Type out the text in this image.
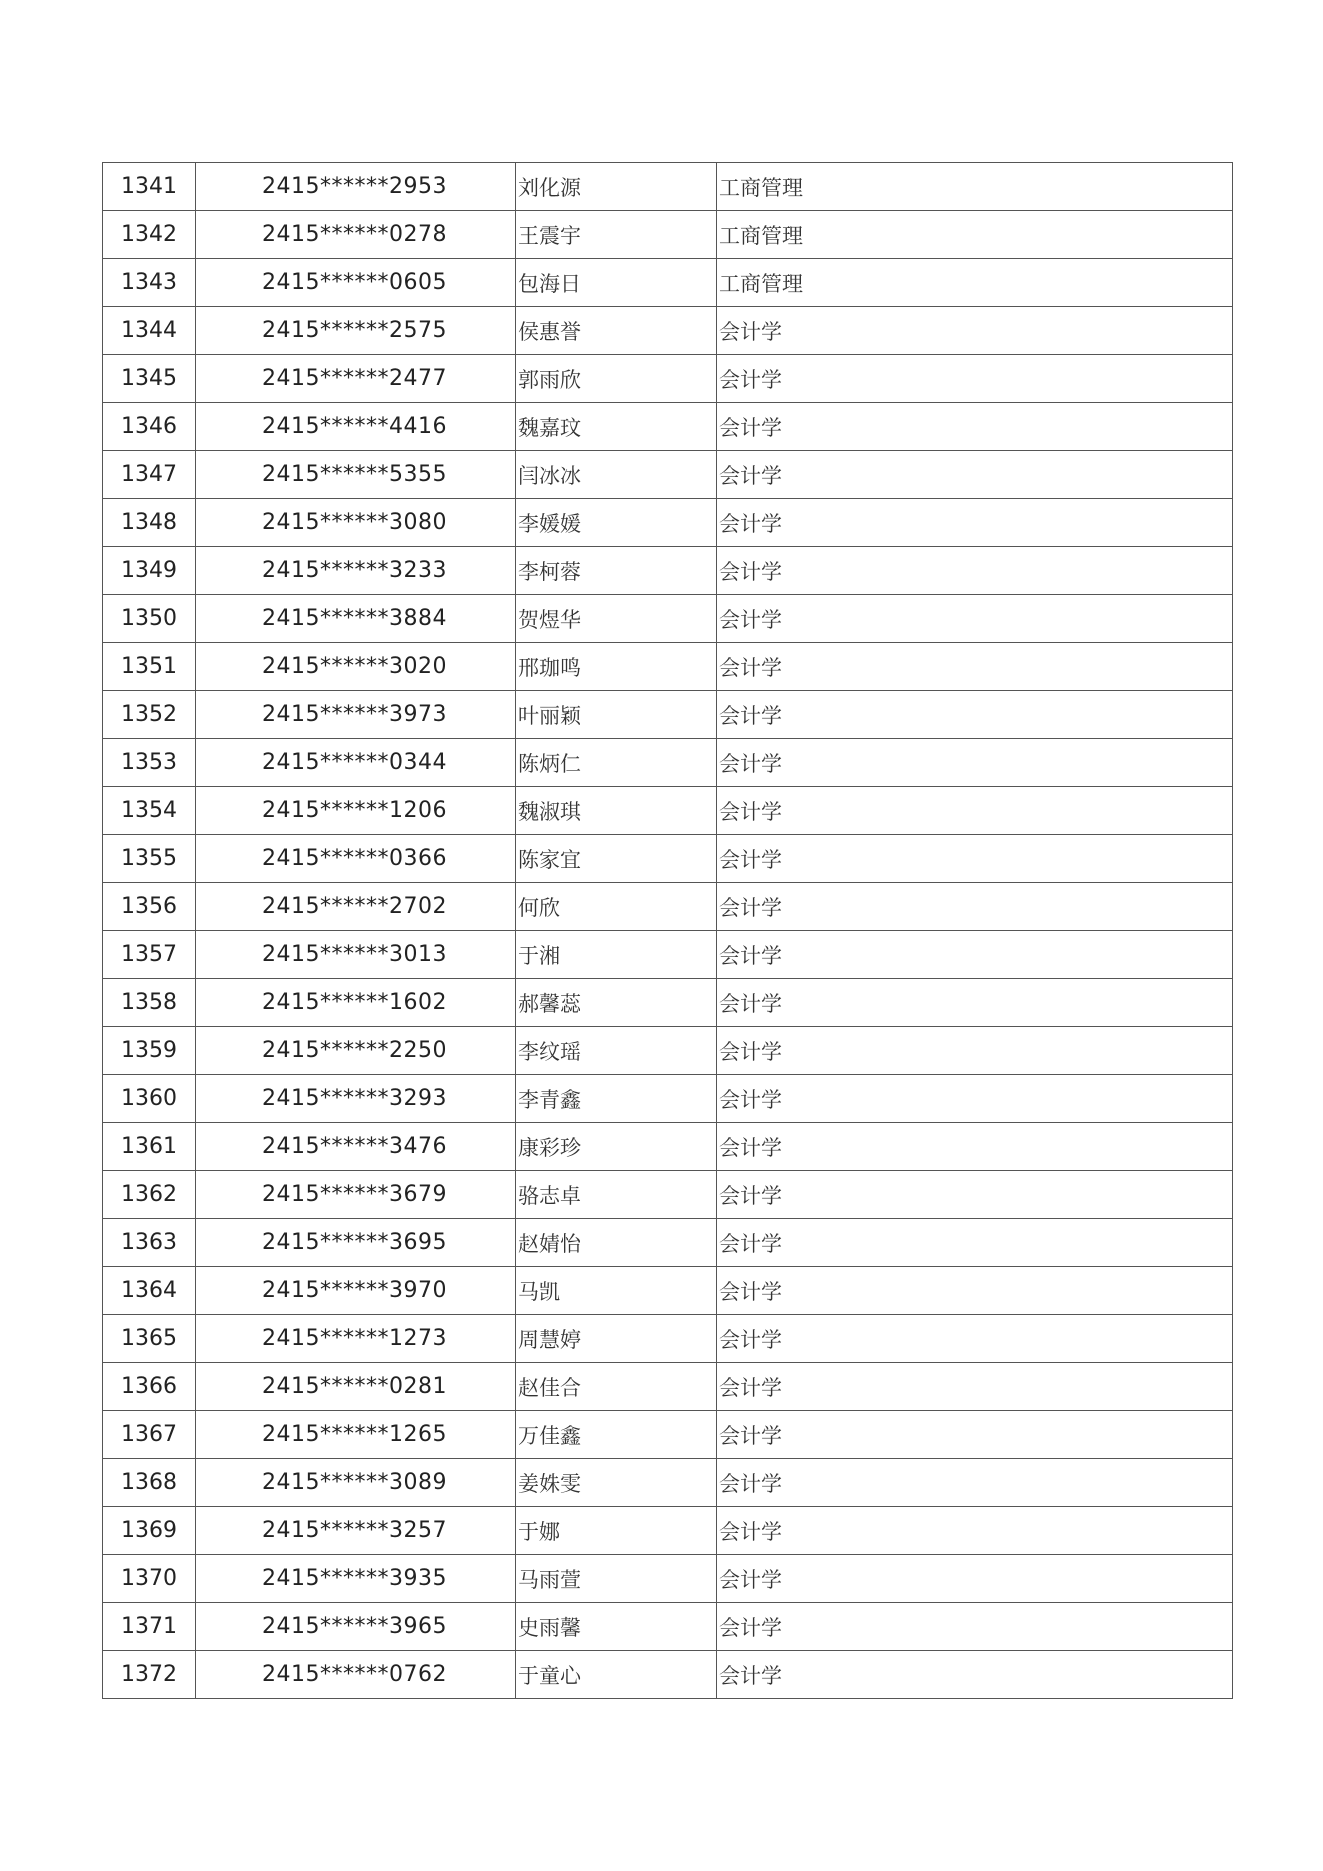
1341	2415******2953	刘化源	工商管理
1342	2415******0278	王震宇	工商管理
1343	2415******0605	包海日	工商管理
1344	2415******2575	侯惠誉	会计学
1345	2415******2477	郭雨欣	会计学
1346	2415******4416	魏嘉玟	会计学
1347	2415******5355	闫冰冰	会计学
1348	2415******3080	李媛媛	会计学
1349	2415******3233	李柯蓉	会计学
1350	2415******3884	贺煜华	会计学
1351	2415******3020	邢珈鸣	会计学
1352	2415******3973	叶丽颖	会计学
1353	2415******0344	陈炳仁	会计学
1354	2415******1206	魏淑琪	会计学
1355	2415******0366	陈家宜	会计学
1356	2415******2702	何欣	会计学
1357	2415******3013	于湘	会计学
1358	2415******1602	郝馨蕊	会计学
1359	2415******2250	李纹瑶	会计学
1360	2415******3293	李青鑫	会计学
1361	2415******3476	康彩珍	会计学
1362	2415******3679	骆志卓	会计学
1363	2415******3695	赵婧怡	会计学
1364	2415******3970	马凯	会计学
1365	2415******1273	周慧婷	会计学
1366	2415******0281	赵佳合	会计学
1367	2415******1265	万佳鑫	会计学
1368	2415******3089	姜姝雯	会计学
1369	2415******3257	于娜	会计学
1370	2415******3935	马雨萱	会计学
1371	2415******3965	史雨馨	会计学
1372	2415******0762	于童心	会计学
